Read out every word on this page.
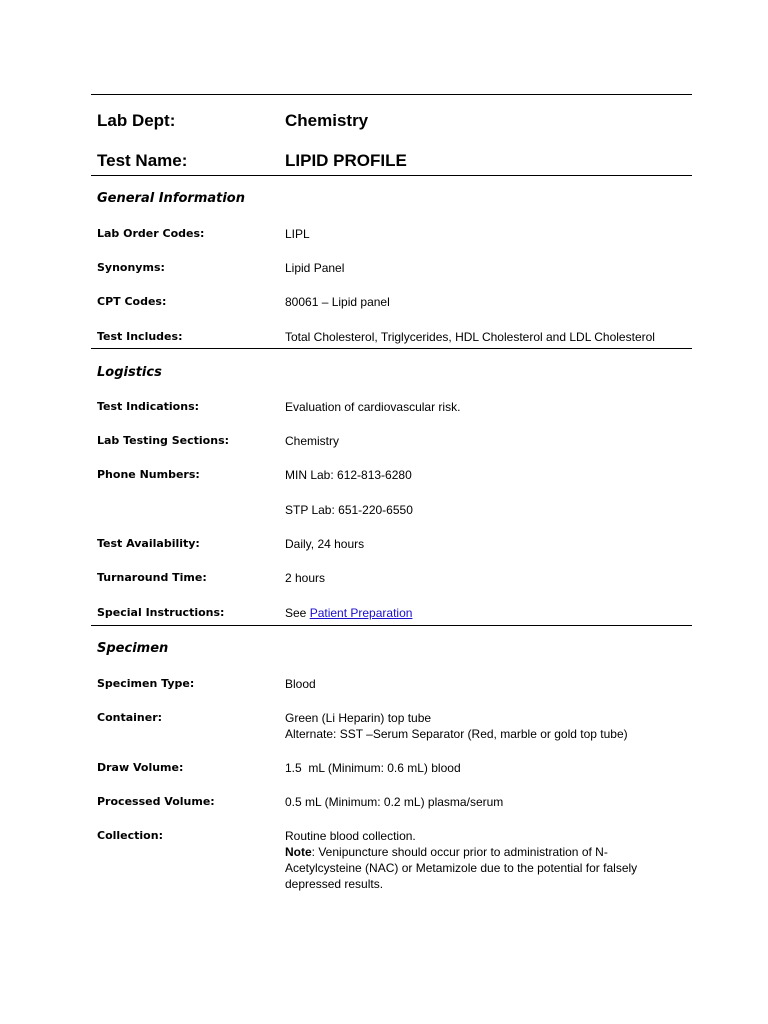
Lab Dept:	Chemistry
Test Name:	LIPID PROFILE
General Information
Lab Order Codes:	LIPL
Synonyms:	Lipid Panel
CPT Codes:	80061 – Lipid panel
Test Includes:	Total Cholesterol, Triglycerides, HDL Cholesterol and LDL Cholesterol
Logistics
Test Indications:	Evaluation of cardiovascular risk.
Lab Testing Sections:	Chemistry
Phone Numbers:	MIN Lab: 612-813-6280
STP Lab: 651-220-6550
Test Availability:	Daily, 24 hours
Turnaround Time:	2 hours
Special Instructions:	See Patient Preparation
Specimen
Specimen Type:	Blood
Container:	Green (Li Heparin) top tube
Alternate: SST –Serum Separator (Red, marble or gold top tube)
Draw Volume:	1.5  mL (Minimum: 0.6 mL) blood
Processed Volume:	0.5 mL (Minimum: 0.2 mL) plasma/serum
Collection:	Routine blood collection.
Note: Venipuncture should occur prior to administration of N-Acetylcysteine (NAC) or Metamizole due to the potential for falsely depressed results.
